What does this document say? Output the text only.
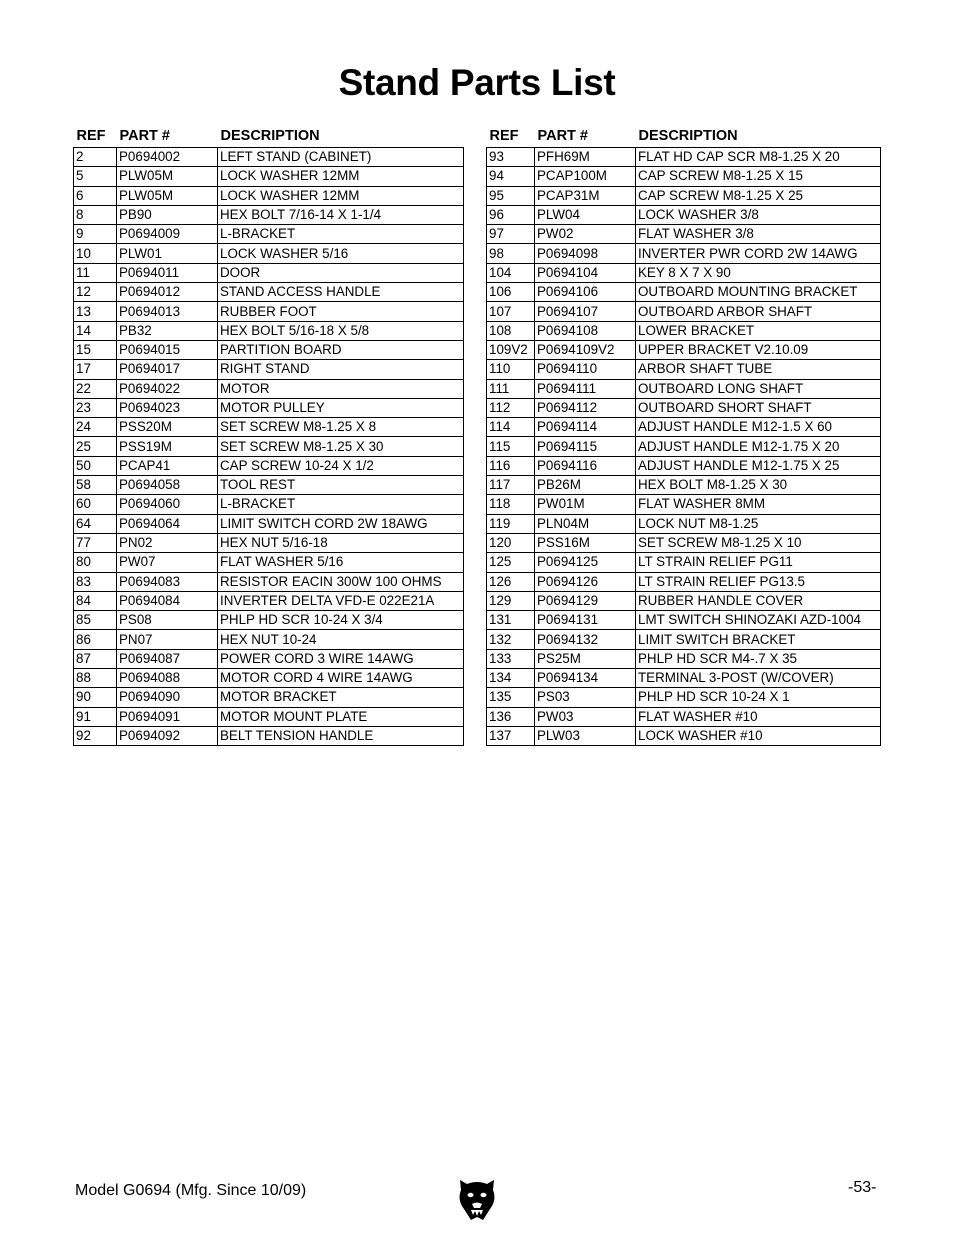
Stand Parts List
REF	PART #	DESCRIPTION
2	P0694002	LEFT STAND (CABINET)
5	PLW05M	LOCK WASHER 12MM
6	PLW05M	LOCK WASHER 12MM
8	PB90	HEX BOLT 7/16-14 X 1-1/4
9	P0694009	L-BRACKET
10	PLW01	LOCK WASHER 5/16
11	P0694011	DOOR
12	P0694012	STAND ACCESS HANDLE
13	P0694013	RUBBER FOOT
14	PB32	HEX BOLT 5/16-18 X 5/8
15	P0694015	PARTITION BOARD
17	P0694017	RIGHT STAND
22	P0694022	MOTOR
23	P0694023	MOTOR PULLEY
24	PSS20M	SET SCREW M8-1.25 X 8
25	PSS19M	SET SCREW M8-1.25 X 30
50	PCAP41	CAP SCREW 10-24 X 1/2
58	P0694058	TOOL REST
60	P0694060	L-BRACKET
64	P0694064	LIMIT SWITCH CORD 2W 18AWG
77	PN02	HEX NUT 5/16-18
80	PW07	FLAT WASHER 5/16
83	P0694083	RESISTOR EACIN 300W 100 OHMS
84	P0694084	INVERTER DELTA VFD-E 022E21A
85	PS08	PHLP HD SCR 10-24 X 3/4
86	PN07	HEX NUT 10-24
87	P0694087	POWER CORD 3 WIRE 14AWG
88	P0694088	MOTOR CORD 4 WIRE 14AWG
90	P0694090	MOTOR BRACKET
91	P0694091	MOTOR MOUNT PLATE
92	P0694092	BELT TENSION HANDLE
REF	PART #	DESCRIPTION
93	PFH69M	FLAT HD CAP SCR M8-1.25 X 20
94	PCAP100M	CAP SCREW M8-1.25 X 15
95	PCAP31M	CAP SCREW M8-1.25 X 25
96	PLW04	LOCK WASHER 3/8
97	PW02	FLAT WASHER 3/8
98	P0694098	INVERTER PWR CORD 2W 14AWG
104	P0694104	KEY 8 X 7 X 90
106	P0694106	OUTBOARD MOUNTING BRACKET
107	P0694107	OUTBOARD ARBOR SHAFT
108	P0694108	LOWER BRACKET
109V2	P0694109V2	UPPER BRACKET V2.10.09
110	P0694110	ARBOR SHAFT TUBE
111	P0694111	OUTBOARD LONG SHAFT
112	P0694112	OUTBOARD SHORT SHAFT
114	P0694114	ADJUST HANDLE M12-1.5 X 60
115	P0694115	ADJUST HANDLE M12-1.75 X 20
116	P0694116	ADJUST HANDLE M12-1.75 X 25
117	PB26M	HEX BOLT M8-1.25 X 30
118	PW01M	FLAT WASHER 8MM
119	PLN04M	LOCK NUT M8-1.25
120	PSS16M	SET SCREW M8-1.25 X 10
125	P0694125	LT STRAIN RELIEF PG11
126	P0694126	LT STRAIN RELIEF PG13.5
129	P0694129	RUBBER HANDLE COVER
131	P0694131	LMT SWITCH SHINOZAKI AZD-1004
132	P0694132	LIMIT SWITCH BRACKET
133	PS25M	PHLP HD SCR M4-.7 X 35
134	P0694134	TERMINAL 3-POST (W/COVER)
135	PS03	PHLP HD SCR 10-24 X 1
136	PW03	FLAT WASHER #10
137	PLW03	LOCK WASHER #10
Model G0694 (Mfg. Since 10/09)	-53-
